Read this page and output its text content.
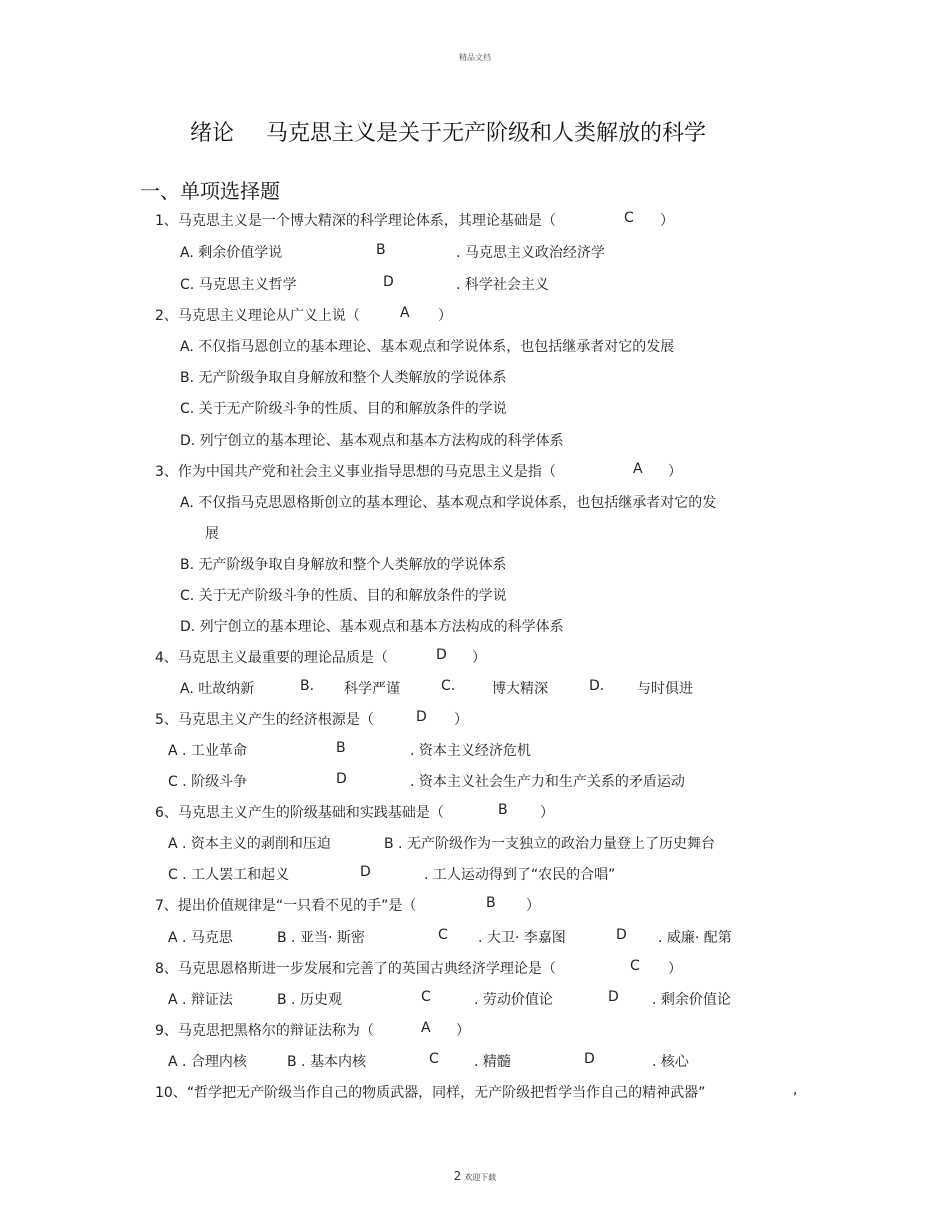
精品文档
绪论 马克思主义是关于无产阶级和人类解放的科学
一、单项选择题
1、马克思主义是一个博大精深的科学理论体系，其理论基础是（	C ）
A. 剩余价值学说	B	. 马克思主义政治经济学
C. 马克思主义哲学	D	. 科学社会主义
2、马克思主义理论从广义上说（	A ）
A. 不仅指马恩创立的基本理论、基本观点和学说体系，也包括继承者对它的发展
B. 无产阶级争取自身解放和整个人类解放的学说体系
C. 关于无产阶级斗争的性质、目的和解放条件的学说
D. 列宁创立的基本理论、基本观点和基本方法构成的科学体系
3、作为中国共产党和社会主义事业指导思想的马克思主义是指（	A ）
A. 不仅指马克思恩格斯创立的基本理论、基本观点和学说体系，也包括继承者对它的发
展
B. 无产阶级争取自身解放和整个人类解放的学说体系
C. 关于无产阶级斗争的性质、目的和解放条件的学说
D. 列宁创立的基本理论、基本观点和基本方法构成的科学体系
4、马克思主义最重要的理论品质是（	D ）
A. 吐故纳新	B. 科学严谨	C.	博大精深	D. 与时俱进
5、马克思主义产生的经济根源是（	D ）
A . 工业革命	B	. 资本主义经济危机
C . 阶级斗争	D	. 资本主义社会生产力和生产关系的矛盾运动
6、马克思主义产生的阶级基础和实践基础是（	B ）
A . 资本主义的剥削和压迫	B . 无产阶级作为一支独立的政治力量登上了历史舞台
C . 工人罢工和起义	D	. 工人运动得到了“农民的合唱”
7、提出价值规律是“一只看不见的手”是（	B ）
A . 马克思	B . 亚当· 斯密	C . 大卫· 李嘉图	D . 威廉· 配第
8、马克思恩格斯进一步发展和完善了的英国古典经济学理论是（	C ）
A . 辩证法	B . 历史观	C	. 劳动价值论	D . 剩余价值论
9、马克思把黑格尔的辩证法称为（	A ）
A . 合理内核	B . 基本内核	C	. 精髓	D	. 核心
10、“哲学把无产阶级当作自己的物质武器，同样，无产阶级把哲学当作自己的精神武器”	,
2 欢迎下载
